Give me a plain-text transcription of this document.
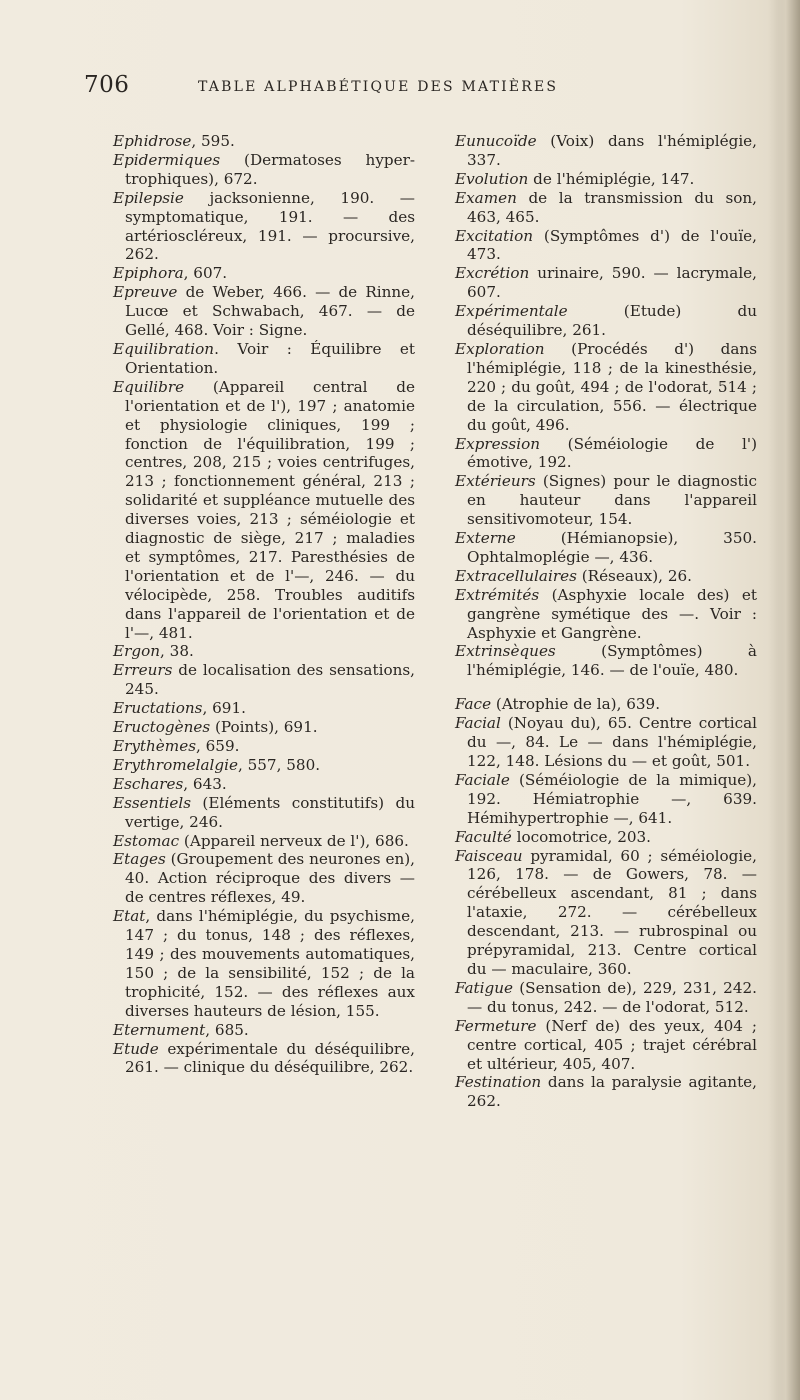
706	TABLE ALPHABÉTIQUE DES MATIÈRES

Ephidrose, 595.

Epidermiques (Dermatoses hyper-trophiques), 672.

Epilepsie jacksonienne, 190. — symptomatique, 191. — des artérioscléreux, 191. — procursive, 262.

Epiphora, 607.

Epreuve de Weber, 466. — de Rinne, Lucœ et Schwabach, 467. — de Gellé, 468. Voir : Signe.

Equilibration. Voir : Équilibre et Orientation.

Equilibre (Appareil central de l'orientation et de l'), 197 ; anatomie et physiologie cliniques, 199 ; fonction de l'équilibration, 199 ; centres, 208, 215 ; voies centrifuges, 213 ; fonctionnement général, 213 ; solidarité et suppléance mutuelle des diverses voies, 213 ; séméiologie et diagnostic de siège, 217 ; maladies et symptômes, 217. Paresthésies de l'orientation et de l'—, 246. — du vélocipède, 258. Troubles auditifs dans l'appareil de l'orientation et de l'—, 481.

Ergon, 38.

Erreurs de localisation des sensations, 245.

Eructations, 691.

Eructogènes (Points), 691.

Erythèmes, 659.

Erythromelalgie, 557, 580.

Eschares, 643.

Essentiels (Eléments constitutifs) du vertige, 246.

Estomac (Appareil nerveux de l'), 686.

Etages (Groupement des neurones en), 40. Action réciproque des divers — de centres réflexes, 49.

Etat, dans l'hémiplégie, du psychisme, 147 ; du tonus, 148 ; des réflexes, 149 ; des mouvements automatiques, 150 ; de la sensibilité, 152 ; de la trophicité, 152. — des réflexes aux diverses hauteurs de lésion, 155.

Eternument, 685.

Etude expérimentale du déséquilibre, 261. — clinique du déséquilibre, 262.

Eunucoïde (Voix) dans l'hémiplégie, 337.

Evolution de l'hémiplégie, 147.

Examen de la transmission du son, 463, 465.

Excitation (Symptômes d') de l'ouïe, 473.

Excrétion urinaire, 590. — lacrymale, 607.

Expérimentale (Etude) du déséquilibre, 261.

Exploration (Procédés d') dans l'hémiplégie, 118 ; de la kinesthésie, 220 ; du goût, 494 ; de l'odorat, 514 ; de la circulation, 556. — électrique du goût, 496.

Expression (Séméiologie de l') émotive, 192.

Extérieurs (Signes) pour le diagnostic en hauteur dans l'appareil sensitivomoteur, 154.

Externe (Hémianopsie), 350. Ophtalmoplégie —, 436.

Extracellulaires (Réseaux), 26.

Extrémités (Asphyxie locale des) et gangrène symétique des —. Voir : Asphyxie et Gangrène.

Extrinsèques (Symptômes) à l'hémiplégie, 146. — de l'ouïe, 480.

Face (Atrophie de la), 639.

Facial (Noyau du), 65. Centre cortical du —, 84. Le — dans l'hémiplégie, 122, 148. Lésions du — et goût, 501.

Faciale (Séméiologie de la mimique), 192. Hémiatrophie —, 639. Hémihypertrophie —, 641.

Faculté locomotrice, 203.

Faisceau pyramidal, 60 ; séméiologie, 126, 178. — de Gowers, 78. — cérébelleux ascendant, 81 ; dans l'ataxie, 272. — cérébelleux descendant, 213. — rubrospinal ou prépyramidal, 213. Centre cortical du — maculaire, 360.

Fatigue (Sensation de), 229, 231, 242. — du tonus, 242. — de l'odorat, 512.

Fermeture (Nerf de) des yeux, 404 ; centre cortical, 405 ; trajet cérébral et ultérieur, 405, 407.

Festination dans la paralysie agitante, 262.
